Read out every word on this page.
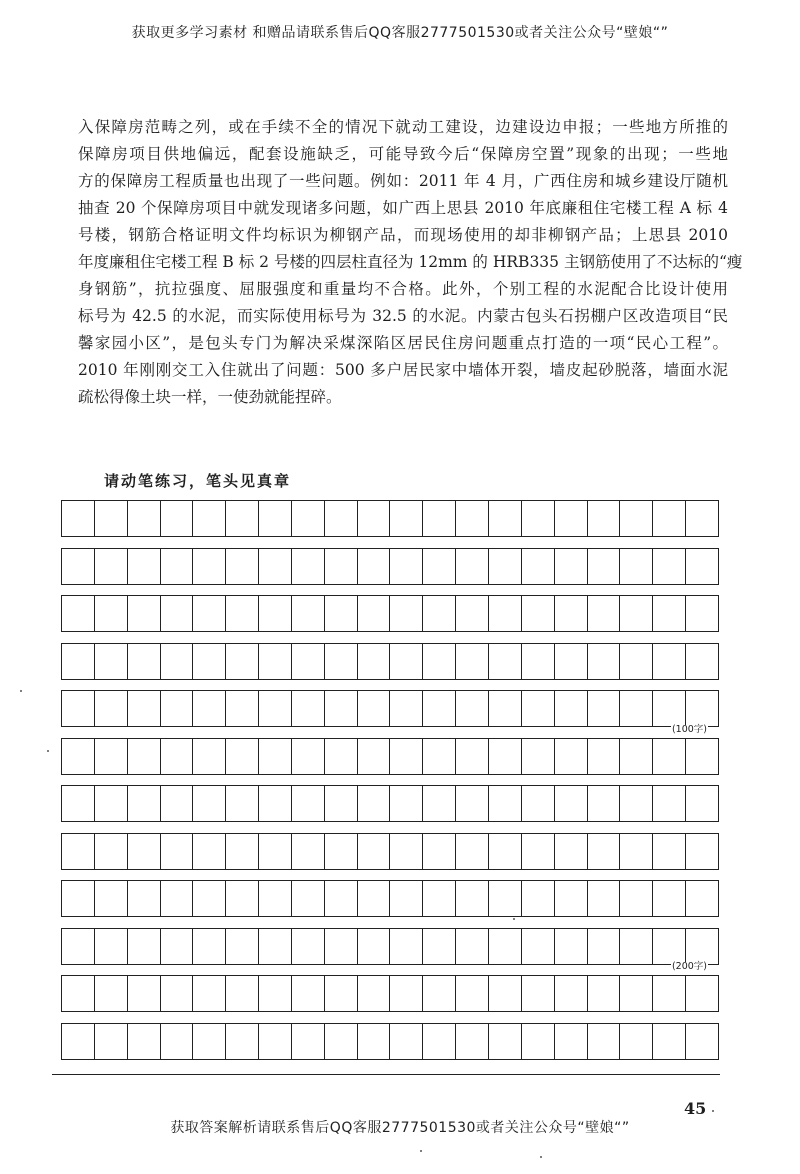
获取更多学习素材 和赠品请联系售后QQ客服2777501530或者关注公众号“壁娘“”
入保障房范畴之列，或在手续不全的情况下就动工建设，边建设边申报；一些地方所推的
保障房项目供地偏远，配套设施缺乏，可能导致今后“保障房空置”现象的出现；一些地
方的保障房工程质量也出现了一些问题。例如：2011 年 4 月，广西住房和城乡建设厅随机
抽查 20 个保障房项目中就发现诸多问题，如广西上思县 2010 年底廉租住宅楼工程 A 标 4
号楼，钢筋合格证明文件均标识为柳钢产品，而现场使用的却非柳钢产品；上思县 2010
年度廉租住宅楼工程 B 标 2 号楼的四层柱直径为 12mm 的 HRB335 主钢筋使用了不达标的“瘦
身钢筋”，抗拉强度、屈服强度和重量均不合格。此外，个别工程的水泥配合比设计使用
标号为 42.5 的水泥，而实际使用标号为 32.5 的水泥。内蒙古包头石拐棚户区改造项目“民
馨家园小区”，是包头专门为解决采煤深陷区居民住房问题重点打造的一项“民心工程”。
2010 年刚刚交工入住就出了问题：500 多户居民家中墙体开裂，墙皮起砂脱落，墙面水泥
疏松得像土块一样，一使劲就能捏碎。
请动笔练习，笔头见真章
(100字)
(200字)
45
获取答案解析请联系售后QQ客服2777501530或者关注公众号“壁娘“”
